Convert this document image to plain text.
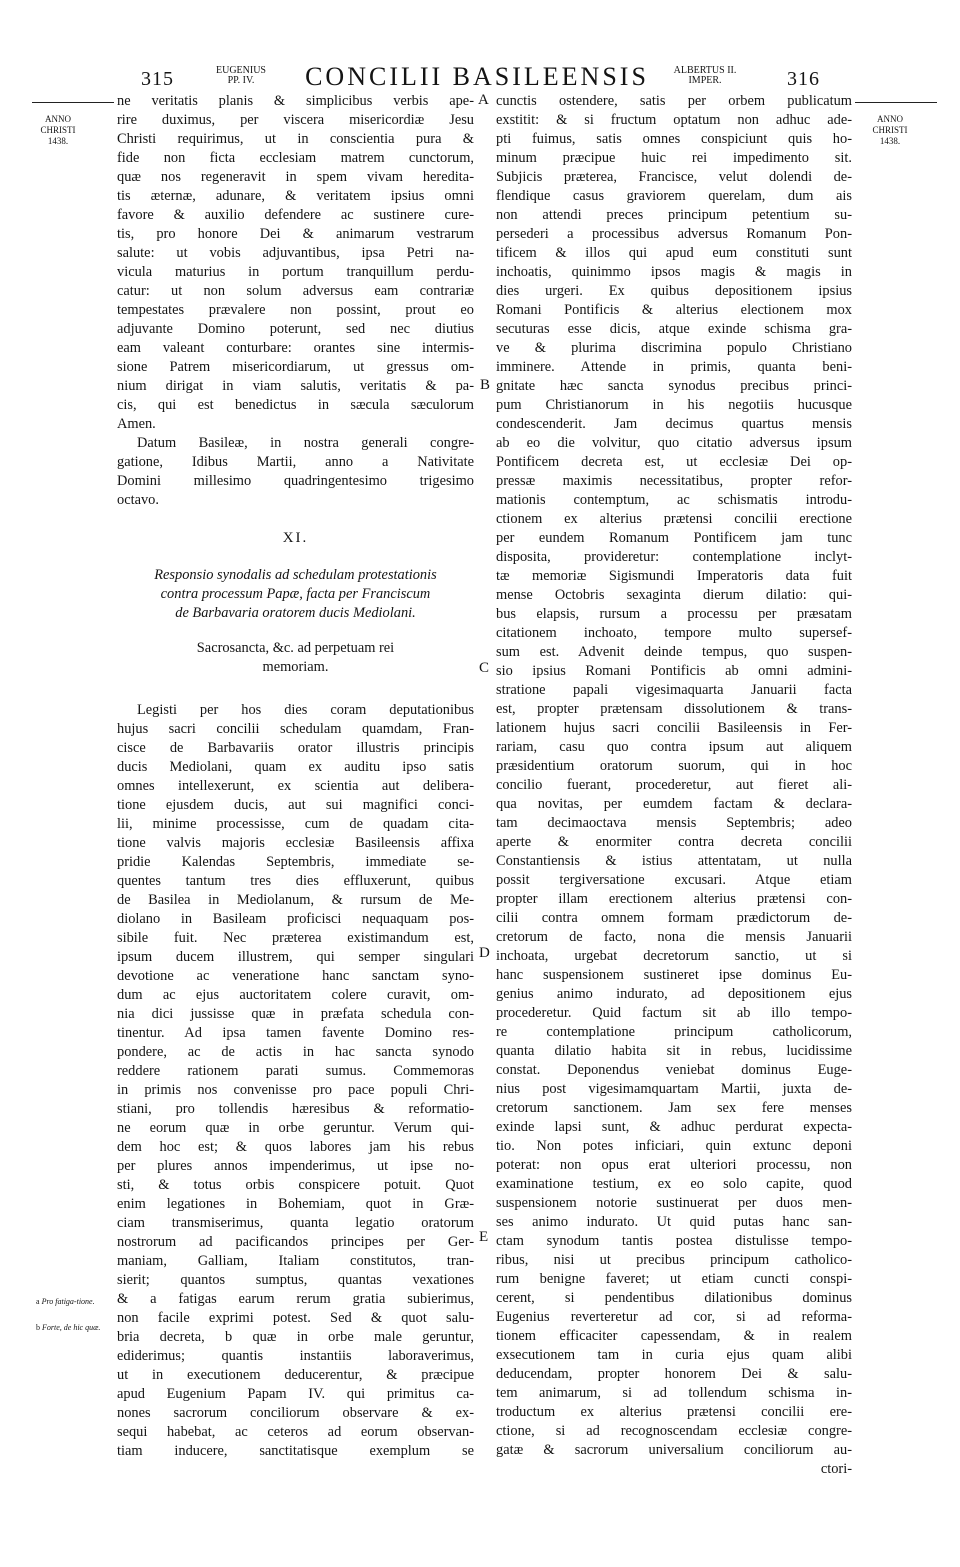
315	EUGENIUS
PP. IV.	CONCILII BASILEENSIS	ALBERTUS II.
IMPER.	316
ANNO
CHRISTI
1438.
ANNO
CHRISTI
1438.
A
B
C
D
E
a Pro fatiga-tione.
b Forte, de hic quæ.
ne veritatis planis & simplicibus verbis ape-
rire duximus, per viscera misericordiæ Jesu
Christi requirimus, ut in conscientia pura &
fide non ficta ecclesiam matrem cunctorum,
quæ nos regeneravit in spem vivam heredita-
tis æternæ, adunare, & veritatem ipsius omni
favore & auxilio defendere ac sustinere cure-
tis, pro honore Dei & animarum vestrarum
salute: ut vobis adjuvantibus, ipsa Petri na-
vicula maturius in portum tranquillum perdu-
catur: ut non solum adversus eam contrariæ
tempestates prævalere non possint, prout eo
adjuvante Domino poterunt, sed nec diutius
eam valeant conturbare: orantes sine intermis-
sione Patrem misericordiarum, ut gressus om-
nium dirigat in viam salutis, veritatis & pa-
cis, qui est benedictus in sæcula sæculorum
Amen.
Datum Basileæ, in nostra generali congre-
gatione, Idibus Martii, anno a Nativitate
Domini millesimo quadringentesimo trigesimo
octavo.
XI.
Responsio synodalis ad schedulam protestationis
contra processum Papæ, facta per Franciscum
de Barbavaria oratorem ducis Mediolani.
Sacrosancta, &c. ad perpetuam rei
memoriam.
Legisti per hos dies coram deputationibus
hujus sacri concilii schedulam quamdam, Fran-
cisce de Barbavariis orator illustris principis
ducis Mediolani, quam ex auditu ipso satis
omnes intellexerunt, ex scientia aut delibera-
tione ejusdem ducis, aut sui magnifici conci-
lii, minime processisse, cum de quadam cita-
tione valvis majoris ecclesiæ Basileensis affixa
pridie Kalendas Septembris, immediate se-
quentes tantum tres dies effluxerunt, quibus
de Basilea in Mediolanum, & rursum de Me-
diolano in Basileam proficisci nequaquam pos-
sibile fuit. Nec præterea existimandum est,
ipsum ducem illustrem, qui semper singulari
devotione ac veneratione hanc sanctam syno-
dum ac ejus auctoritatem colere curavit, om-
nia dici jussisse quæ in præfata schedula con-
tinentur. Ad ipsa tamen favente Domino res-
pondere, ac de actis in hac sancta synodo
reddere rationem parati sumus. Commemoras
in primis nos convenisse pro pace populi Chri-
stiani, pro tollendis hæresibus & reformatio-
ne eorum quæ in orbe geruntur. Verum qui-
dem hoc est; & quos labores jam his rebus
per plures annos impenderimus, ut ipse no-
sti, & totus orbis conspicere potuit. Quot
enim legationes in Bohemiam, quot in Græ-
ciam transmiserimus, quanta legatio oratorum
nostrorum ad pacificandos principes per Ger-
maniam, Galliam, Italiam constitutos, tran-
sierit; quantos sumptus, quantas vexationes
& a fatigas earum rerum gratia subierimus,
non facile exprimi potest. Sed & quot salu-
bria decreta, b quæ in orbe male geruntur,
ediderimus; quantis instantiis laboraverimus,
ut in executionem deducerentur, & præcipue
apud Eugenium Papam IV. qui primitus ca-
nones sacrorum conciliorum observare & ex-
sequi habebat, ac ceteros ad eorum observan-
tiam inducere, sanctitatisque exemplum se
cunctis ostendere, satis per orbem publicatum
exstitit: & si fructum optatum non adhuc ade-
pti fuimus, satis omnes conspiciunt quis ho-
minum præcipue huic rei impedimento sit.
Subjicis præterea, Francisce, velut dolendi de-
flendique casus graviorem querelam, dum ais
non attendi preces principum petentium su-
persederi a processibus adversus Romanum Pon-
tificem & illos qui apud eum constituti sunt
inchoatis, quinimmo ipsos magis & magis in
dies urgeri. Ex quibus depositionem ipsius
Romani Pontificis & alterius electionem mox
secuturas esse dicis, atque exinde schisma gra-
ve & plurima discrimina populo Christiano
imminere. Attende in primis, quanta beni-
gnitate hæc sancta synodus precibus princi-
pum Christianorum in his negotiis hucusque
condescenderit. Jam decimus quartus mensis
ab eo die volvitur, quo citatio adversus ipsum
Pontificem decreta est, ut ecclesiæ Dei op-
pressæ maximis necessitatibus, propter refor-
mationis contemptum, ac schismatis introdu-
ctionem ex alterius prætensi concilii erectione
per eundem Romanum Pontificem jam tunc
disposita, provideretur: contemplatione inclyt-
tæ memoriæ Sigismundi Imperatoris data fuit
mense Octobris sexaginta dierum dilatio: qui-
bus elapsis, rursum a processu per præsatam
citationem inchoato, tempore multo supersef-
sum est. Advenit deinde tempus, quo suspen-
sio ipsius Romani Pontificis ab omni admini-
stratione papali vigesimaquarta Januarii facta
est, propter prætensam dissolutionem & trans-
lationem hujus sacri concilii Basileensis in Fer-
rariam, casu quo contra ipsum aut aliquem
præsidentium oratorum suorum, qui in hoc
concilio fuerant, procederetur, aut fieret ali-
qua novitas, per eumdem factam & declara-
tam decimaoctava mensis Septembris; adeo
aperte & enormiter contra decreta concilii
Constantiensis & istius attentatam, ut nulla
possit tergiversatione excusari. Atque etiam
propter illam erectionem alterius prætensi con-
cilii contra omnem formam prædictorum de-
cretorum de facto, nona die mensis Januarii
inchoata, urgebat decretorum sanctio, ut si
hanc suspensionem sustineret ipse dominus Eu-
genius animo indurato, ad depositionem ejus
procederetur. Quid factum sit ab illo tempo-
re contemplatione principum catholicorum,
quanta dilatio habita sit in rebus, lucidissime
constat. Deponendus veniebat dominus Euge-
nius post vigesimamquartam Martii, juxta de-
cretorum sanctionem. Jam sex fere menses
exinde lapsi sunt, & adhuc perdurat expecta-
tio. Non potes inficiari, quin extunc deponi
poterat: non opus erat ulteriori processu, non
examinatione testium, ex eo solo capite, quod
suspensionem notorie sustinuerat per duos men-
ses animo indurato. Ut quid putas hanc san-
ctam synodum tantis postea distulisse tempo-
ribus, nisi ut precibus principum catholico-
rum benigne faveret; ut etiam cuncti conspi-
cerent, si pendentibus dilationibus dominus
Eugenius reverteretur ad cor, si ad reforma-
tionem efficaciter capessendam, & in realem
exsecutionem tam in curia ejus quam alibi
deducendam, propter honorem Dei & salu-
tem animarum, si ad tollendum schisma in-
troductum ex alterius prætensi concilii ere-
ctione, si ad recognoscendam ecclesiæ congre-
gatæ & sacrorum universalium conciliorum au-
ctori-
